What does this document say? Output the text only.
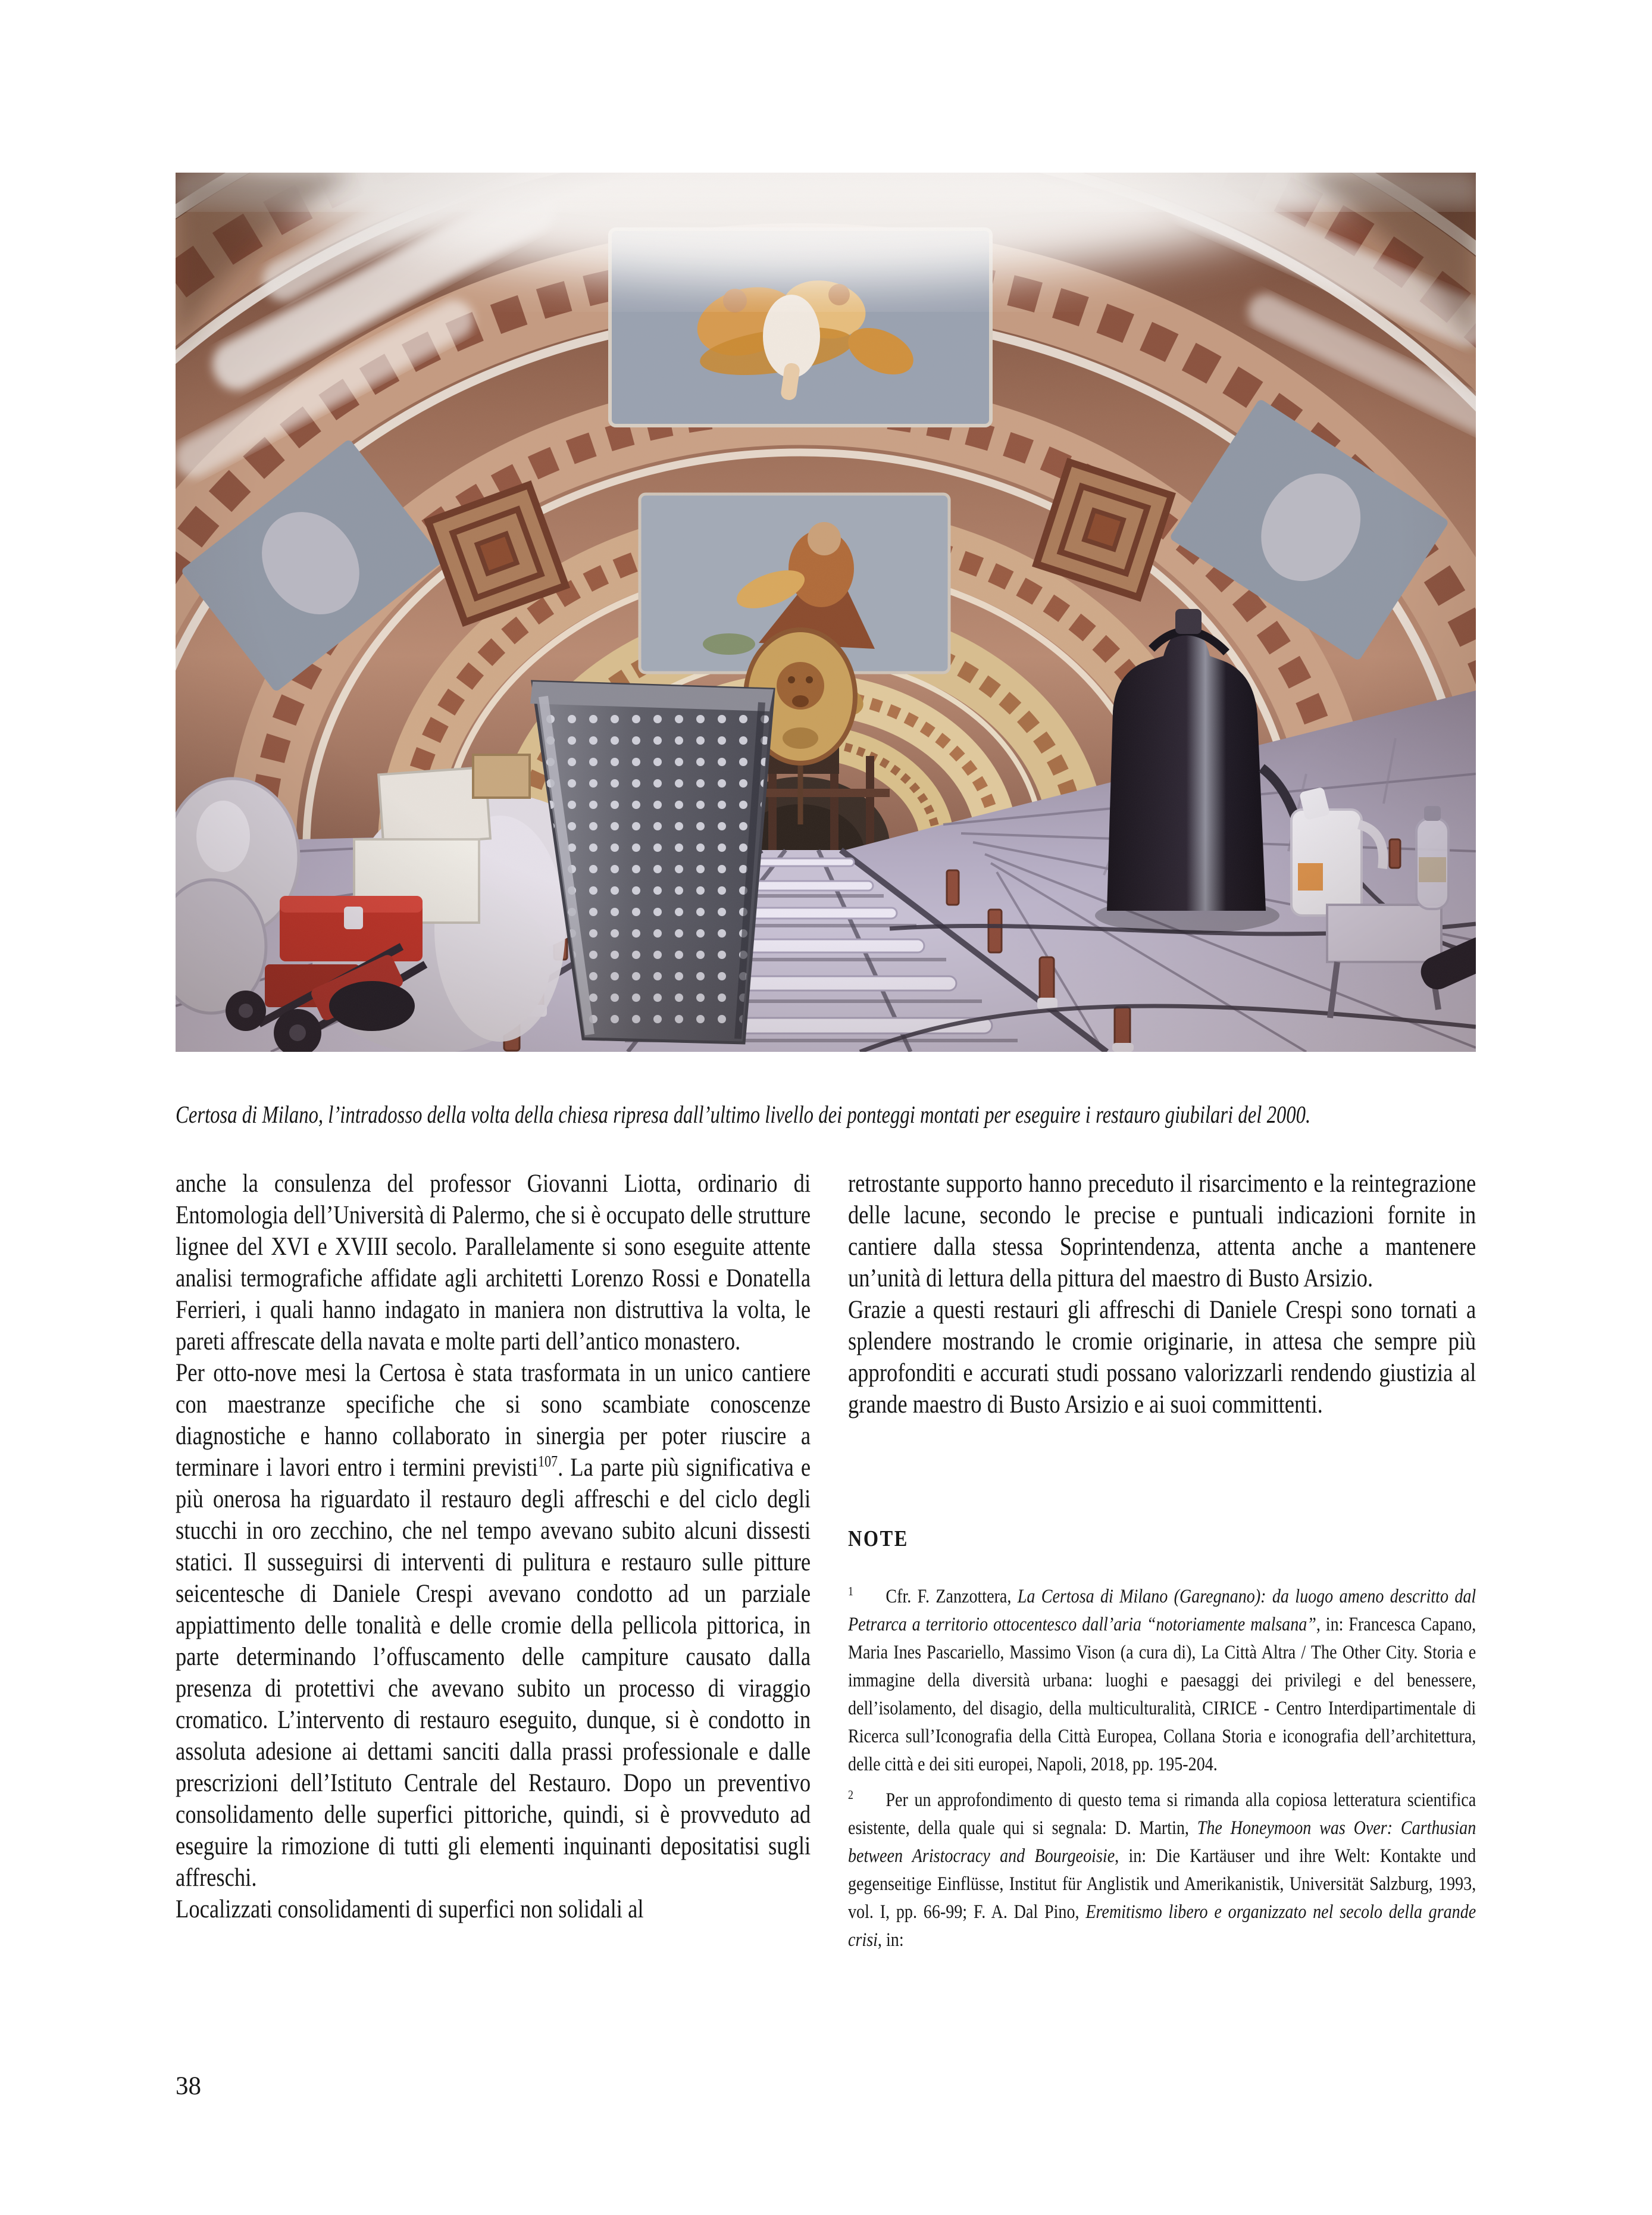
Certosa di Milano, l’intradosso della volta della chiesa ripresa dall’ultimo livello dei ponteggi montati per eseguire i restauro giubilari del 2000.

anche la consulenza del professor Giovanni Liotta, ordinario di Entomologia dell’Università di Palermo, che si è occupato delle strutture lignee del XVI e XVIII secolo. Parallelamente si sono eseguite attente analisi termografiche affidate agli architetti Lorenzo Rossi e Donatella Ferrieri, i quali hanno indagato in maniera non distruttiva la volta, le pareti affrescate della navata e molte parti dell’antico monastero.

Per otto-nove mesi la Certosa è stata trasformata in un unico cantiere con maestranze specifiche che si sono scambiate conoscenze diagnostiche e hanno collaborato in sinergia per poter riuscire a terminare i lavori entro i termini previsti$^{107}$. La parte più significativa e più onerosa ha riguardato il restauro degli affreschi e del ciclo degli stucchi in oro zecchino, che nel tempo avevano subito alcuni dissesti statici. Il susseguirsi di interventi di pulitura e restauro sulle pitture seicentesche di Daniele Crespi avevano condotto ad un parziale appiattimento delle tonalità e delle cromie della pellicola pittorica, in parte determinando l’offuscamento delle campiture causato dalla presenza di protettivi che avevano subito un processo di viraggio cromatico. L’intervento di restauro eseguito, dunque, si è condotto in assoluta adesione ai dettami sanciti dalla prassi professionale e dalle prescrizioni dell’Istituto Centrale del Restauro. Dopo un preventivo consolidamento delle superfici pittoriche, quindi, si è provveduto ad eseguire la rimozione di tutti gli elementi inquinanti depositatisi sugli affreschi.

Localizzati consolidamenti di superfici non solidali al

retrostante supporto hanno preceduto il risarcimento e la reintegrazione delle lacune, secondo le precise e puntuali indicazioni fornite in cantiere dalla stessa Soprintendenza, attenta anche a mantenere un’unità di lettura della pittura del maestro di Busto Arsizio.

Grazie a questi restauri gli affreschi di Daniele Crespi sono tornati a splendere mostrando le cromie originarie, in attesa che sempre più approfonditi e accurati studi possano valorizzarli rendendo giustizia al grande maestro di Busto Arsizio e ai suoi committenti.

NOTE

$^1$ Cfr. F. Zanzottera, La Certosa di Milano (Garegnano): da luogo ameno descritto dal Petrarca a territorio ottocentesco dall’aria “notoriamente malsana”, in: Francesca Capano, Maria Ines Pascariello, Massimo Vison (a cura di), La Città Altra / The Other City. Storia e immagine della diversità urbana: luoghi e paesaggi dei privilegi e del benessere, dell’isolamento, del disagio, della multiculturalità, CIRICE - Centro Interdipartimentale di Ricerca sull’Iconografia della Città Europea, Collana Storia e iconografia dell’architettura, delle città e dei siti europei, Napoli, 2018, pp. 195-204.

$^2$ Per un approfondimento di questo tema si rimanda alla copiosa letteratura scientifica esistente, della quale qui si segnala: D. Martin, The Honeymoon was Over: Carthusian between Aristocracy and Bourgeoisie, in: Die Kartäuser und ihre Welt: Kontakte und gegenseitige Einflüsse, Institut für Anglistik und Amerikanistik, Universität Salzburg, 1993, vol. I, pp. 66-99; F. A. Dal Pino, Eremitismo libero e organizzato nel secolo della grande crisi, in:

38
